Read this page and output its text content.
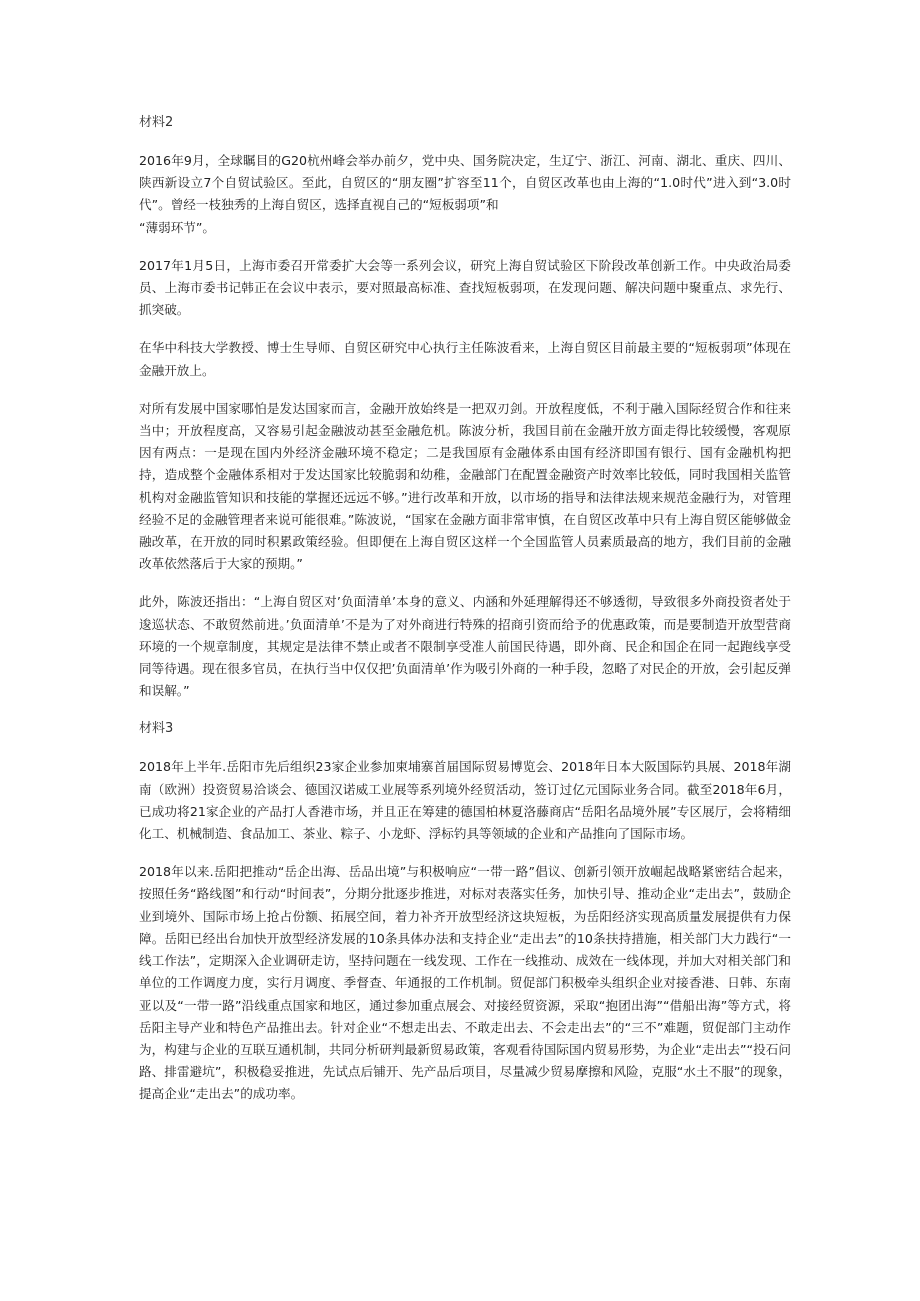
材料2
2016年9月，全球瞩目的G20杭州峰会举办前夕，党中央、国务院决定，生辽宁、浙江、河南、湖北、重庆、四川、陕西新设立7个自贸试验区。至此，自贸区的“朋友圈”扩容至11个，自贸区改革也由上海的“1.0时代”进入到“3.0时代”。曾经一枝独秀的上海自贸区，选择直视自己的“短板弱项”和
“薄弱环节”。
2017年1月5日，上海市委召开常委扩大会等一系列会议，研究上海自贸试验区下阶段改革创新工作。中央政治局委员、上海市委书记韩正在会议中表示，要对照最高标准、查找短板弱项，在发现问题、解决问题中聚重点、求先行、抓突破。
在华中科技大学教授、博士生导师、自贸区研究中心执行主任陈波看来，上海自贸区目前最主要的“短板弱项”体现在金融开放上。
对所有发展中国家哪怕是发达国家而言，金融开放始终是一把双刃剑。开放程度低，不利于融入国际经贸合作和往来当中；开放程度高，又容易引起金融波动甚至金融危机。陈波分析，我国目前在金融开放方面走得比较缓慢，客观原因有两点：一是现在国内外经济金融环境不稳定；二是我国原有金融体系由国有经济即国有银行、国有金融机构把持，造成整个金融体系相对于发达国家比较脆弱和幼稚，金融部门在配置金融资产时效率比较低，同时我国相关监管机构对金融监管知识和技能的掌握还远远不够。”进行改革和开放，以市场的指导和法律法规来规范金融行为，对管理经验不足的金融管理者来说可能很难。”陈波说，“国家在金融方面非常审慎，在自贸区改革中只有上海自贸区能够做金融改革，在开放的同时积累政策经验。但即便在上海自贸区这样一个全国监管人员素质最高的地方，我们目前的金融改革依然落后于大家的预期。”
此外，陈波还指出：“上海自贸区对’负面清单’本身的意义、内涵和外延理解得还不够透彻，导致很多外商投资者处于逡巡状态、不敢贸然前进。’负面清单’不是为了对外商进行特殊的招商引资而给予的优惠政策，而是要制造开放型营商环境的一个规章制度，其规定是法律不禁止或者不限制享受准人前国民待遇，即外商、民企和国企在同一起跑线享受同等待遇。现在很多官员，在执行当中仅仅把’负面清单’作为吸引外商的一种手段，忽略了对民企的开放，会引起反弹和误解。”
材料3
2018年上半年.岳阳市先后组织23家企业参加柬埔寨首届国际贸易博览会、2018年日本大阪国际钓具展、2018年湖南（欧洲）投资贸易洽谈会、德国汉诺威工业展等系列境外经贸活动，签订过亿元国际业务合同。截至2018年6月，已成功将21家企业的产品打人香港市场，并且正在筹建的德国柏林夏洛藤商店“岳阳名品境外展”专区展厅，会将精细化工、机械制造、食品加工、茶业、粽子、小龙虾、浮标钓具等领域的企业和产品推向了国际市场。
2018年以来.岳阳把推动“岳企出海、岳品出境”与积极响应“一带一路”倡议、创新引领开放崛起战略紧密结合起来，按照任务“路线图”和行动“时间表”，分期分批逐步推进，对标对表落实任务，加快引导、推动企业“走出去”，鼓励企业到境外、国际市场上抢占份额、拓展空间，着力补齐开放型经济这块短板，为岳阳经济实现高质量发展提供有力保障。岳阳已经出台加快开放型经济发展的10条具体办法和支持企业“走出去”的10条扶持措施，相关部门大力践行“一线工作法”，定期深入企业调研走访，坚持问题在一线发现、工作在一线推动、成效在一线体现，并加大对相关部门和单位的工作调度力度，实行月调度、季督查、年通报的工作机制。贸促部门积极牵头组织企业对接香港、日韩、东南亚以及“一带一路”沿线重点国家和地区，通过参加重点展会、对接经贸资源，采取“抱团出海”“借船出海”等方式，将岳阳主导产业和特色产品推出去。针对企业“不想走出去、不敢走出去、不会走出去”的“三不”难题，贸促部门主动作为，构建与企业的互联互通机制，共同分析研判最新贸易政策，客观看待国际国内贸易形势，为企业“走出去”“投石问路、排雷避坑”，积极稳妥推进，先试点后铺开、先产品后项目，尽量减少贸易摩擦和风险，克服“水土不服”的现象，提高企业“走出去”的成功率。
